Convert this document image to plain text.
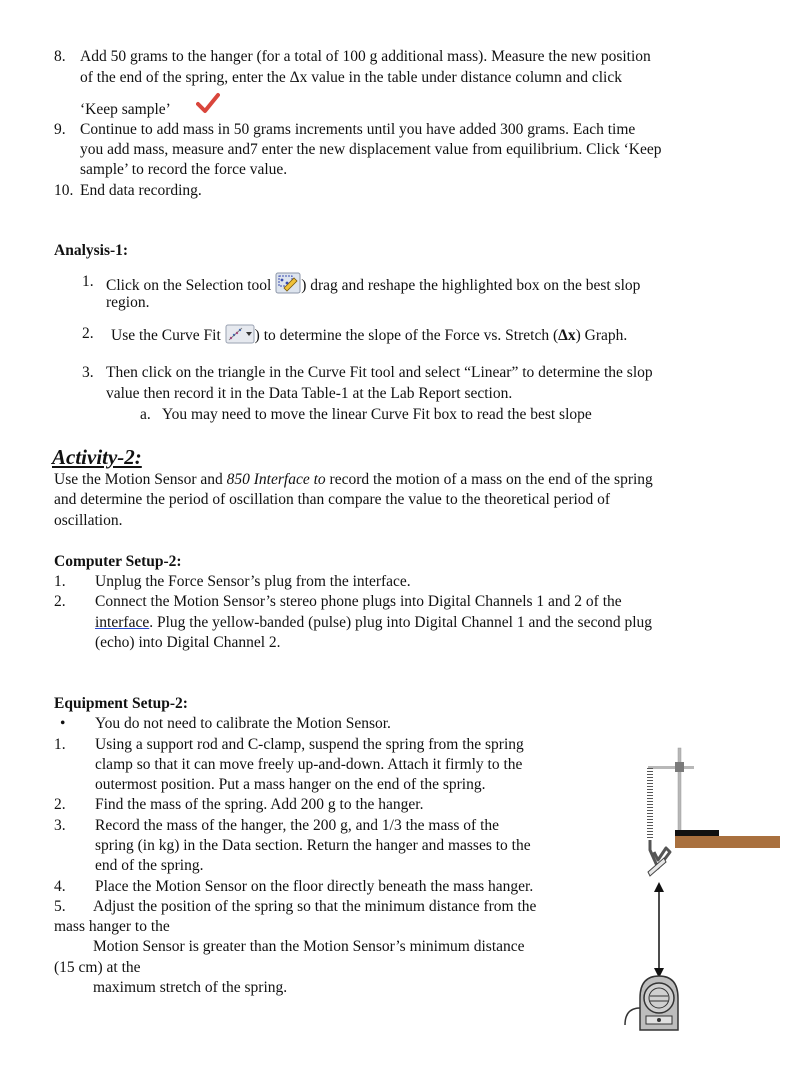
8. Add 50 grams to the hanger (for a total of 100 g additional mass). Measure the new position
of the end of the spring, enter the Δx value in the table under distance column and click
‘Keep sample’
9. Continue to add mass in 50 grams increments until you have added 300 grams. Each time
you add mass, measure and7 enter the new displacement value from equilibrium. Click ‘Keep
sample’ to record the force value.
10. End data recording.
Analysis-1:
1. Click on the Selection tool ) drag and reshape the highlighted box on the best slop
region.
2. Use the Curve Fit ) to determine the slope of the Force vs. Stretch (Δx) Graph.
3. Then click on the triangle in the Curve Fit tool and select “Linear” to determine the slop
value then record it in the Data Table-1 at the Lab Report section.
a. You may need to move the linear Curve Fit box to read the best slope
Activity-2:
Use the Motion Sensor and 850 Interface to record the motion of a mass on the end of the spring
and determine the period of oscillation than compare the value to the theoretical period of
oscillation.
Computer Setup-2:
1. Unplug the Force Sensor’s plug from the interface.
2. Connect the Motion Sensor’s stereo phone plugs into Digital Channels 1 and 2 of the
interface. Plug the yellow-banded (pulse) plug into Digital Channel 1 and the second plug
(echo) into Digital Channel 2.
Equipment Setup-2:
• You do not need to calibrate the Motion Sensor.
1. Using a support rod and C-clamp, suspend the spring from the spring
clamp so that it can move freely up-and-down. Attach it firmly to the
outermost position. Put a mass hanger on the end of the spring.
2. Find the mass of the spring. Add 200 g to the hanger.
3. Record the mass of the hanger, the 200 g, and 1/3 the mass of the
spring (in kg) in the Data section. Return the hanger and masses to the
end of the spring.
4. Place the Motion Sensor on the floor directly beneath the mass hanger.
5. Adjust the position of the spring so that the minimum distance from the
mass hanger to the
Motion Sensor is greater than the Motion Sensor’s minimum distance
(15 cm) at the
maximum stretch of the spring.
